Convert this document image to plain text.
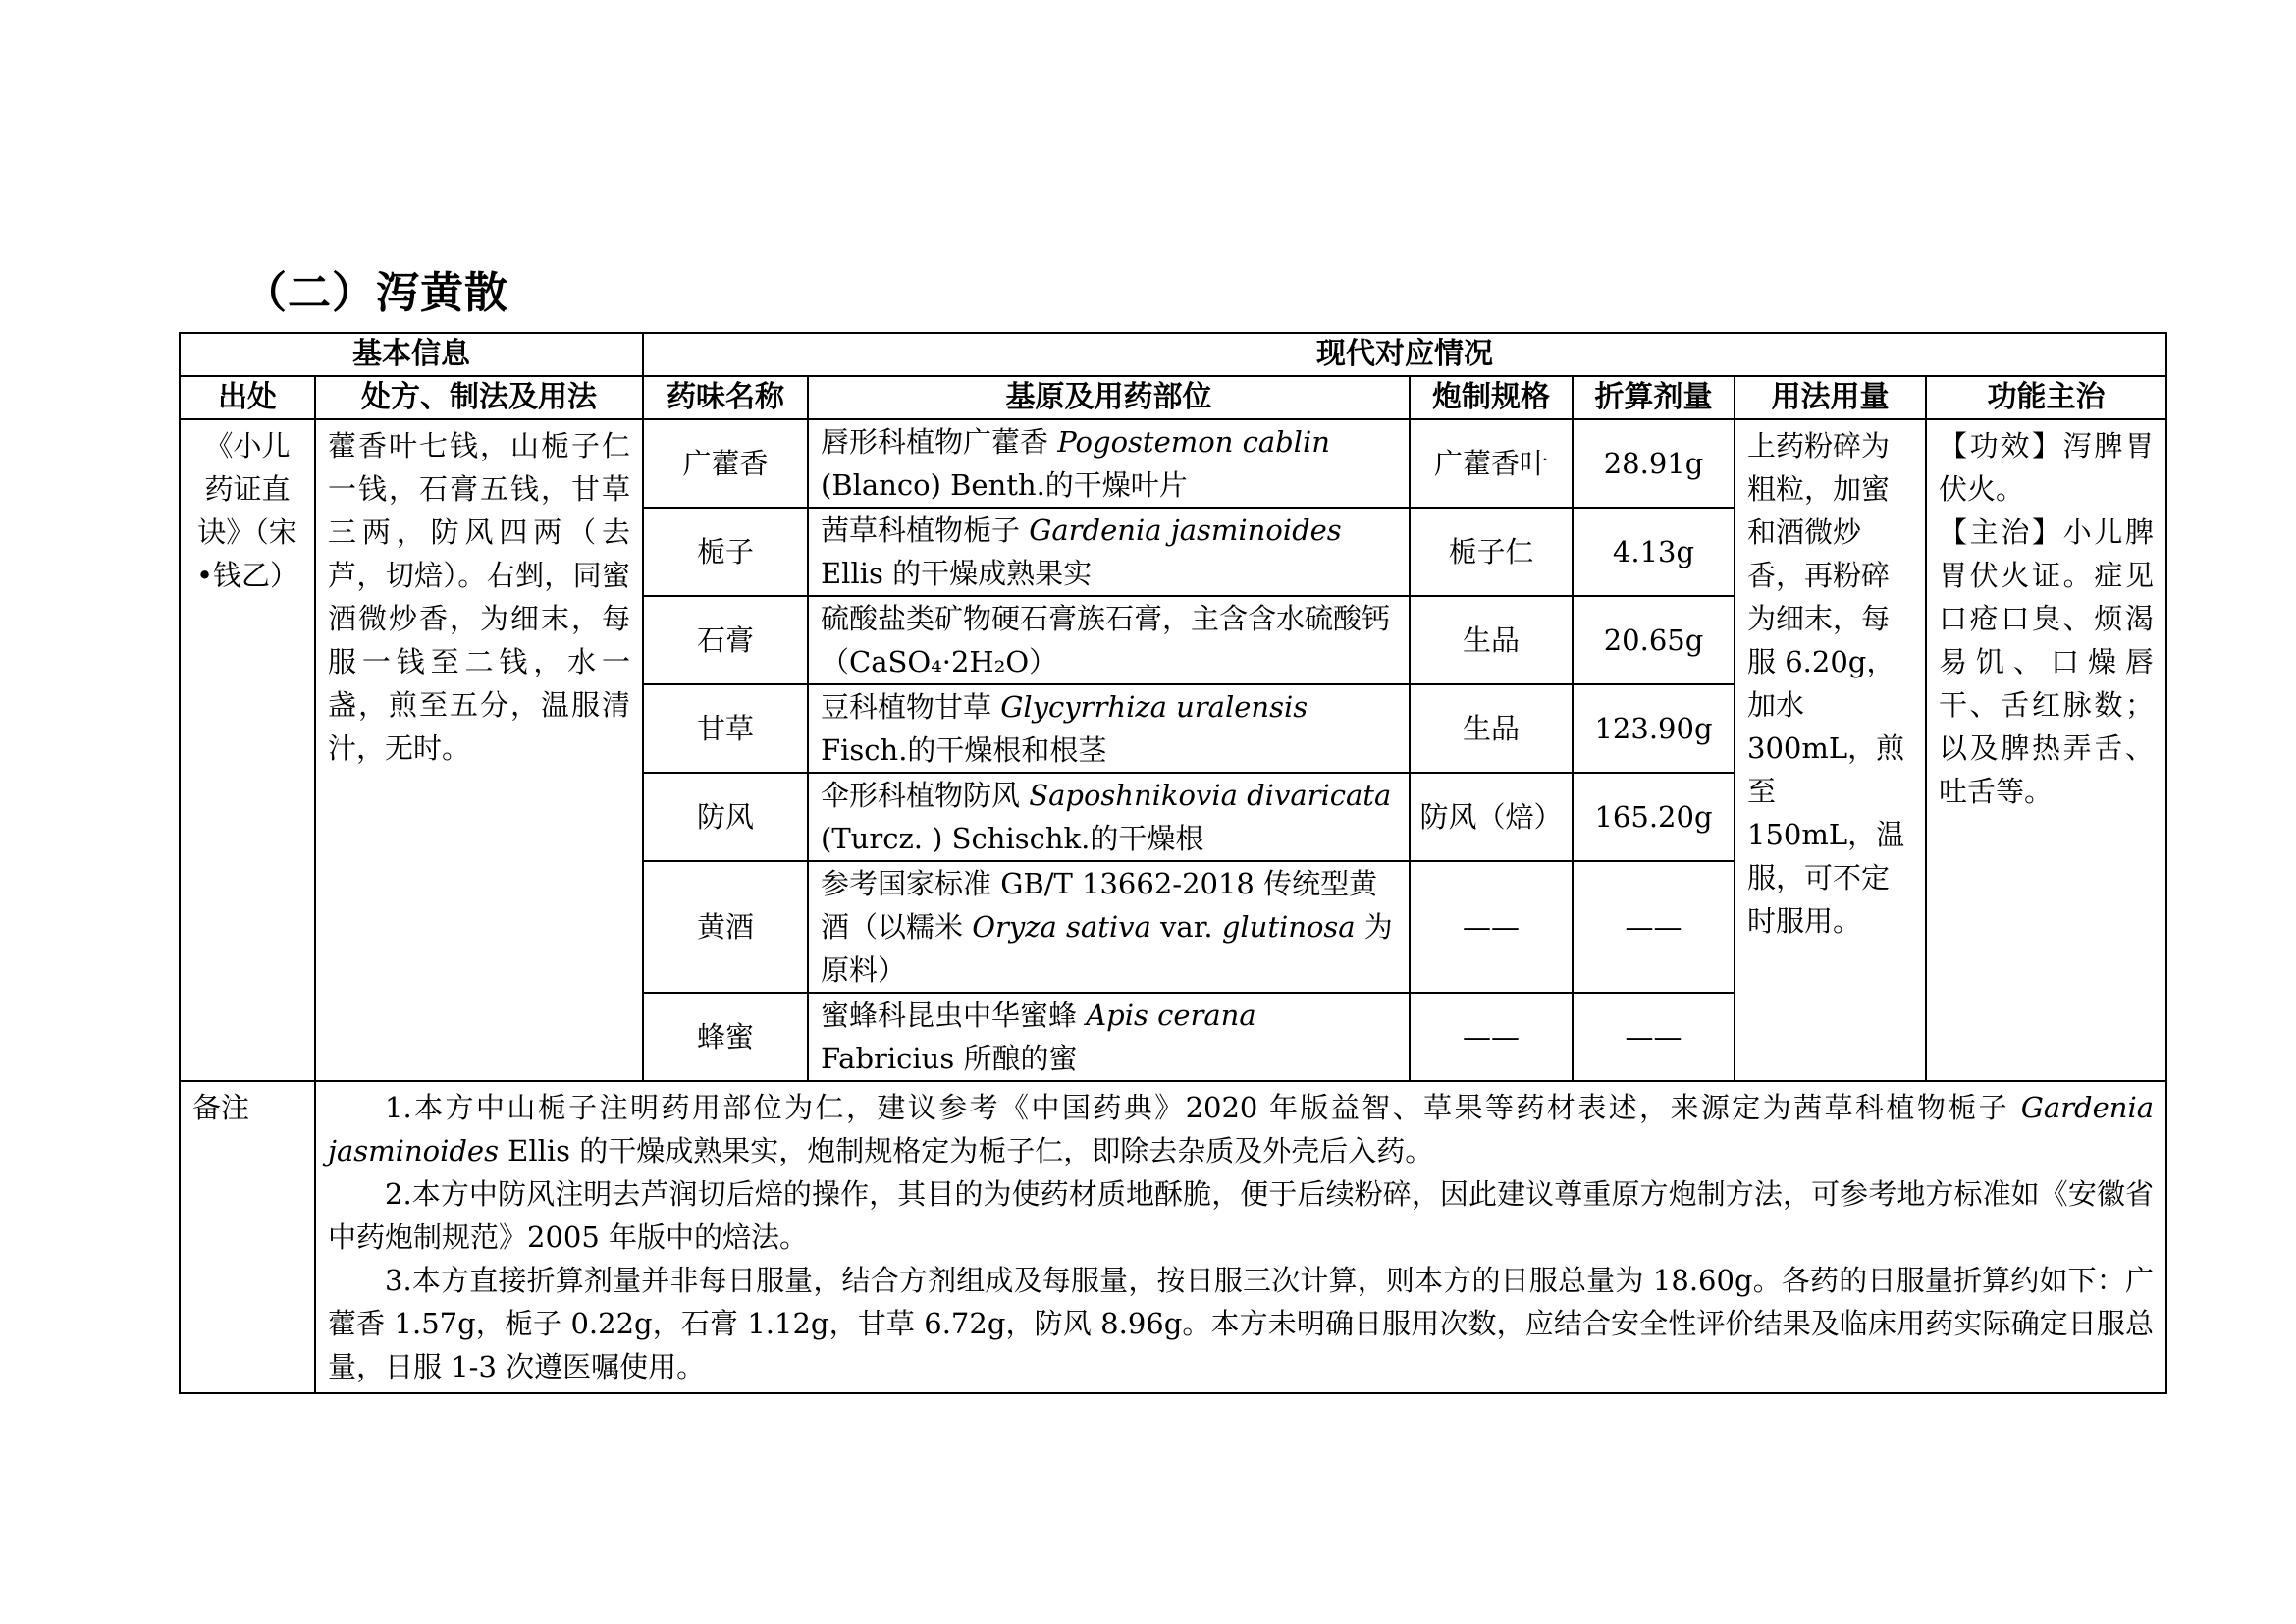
（二）泻黄散
基本信息		现代对应情况					
出处	处方、制法及用法	药味名称	基原及用药部位	炮制规格	折算剂量	用法用量	功能主治
《小儿药证直诀》（宋•钱乙）	藿香叶七钱，山栀子仁一钱，石膏五钱，甘草三两，防风四两（去芦，切焙）。右剉，同蜜酒微炒香，为细末，每服一钱至二钱，水一盏，煎至五分，温服清汁，无时。	广藿香	唇形科植物广藿香 Pogostemon cablin (Blanco) Benth.的干燥叶片	广藿香叶	28.91g	上药粉碎为粗粒，加蜜和酒微炒香，再粉碎为细末，每服 6.20g，加水 300mL，煎至 150mL，温服，可不定时服用。	【功效】泻脾胃伏火。
【主治】小儿脾胃伏火证。症见口疮口臭、烦渴易饥、口燥唇干、舌红脉数；以及脾热弄舌、吐舌等。
		栀子	茜草科植物栀子 Gardenia jasminoides Ellis 的干燥成熟果实	栀子仁	4.13g		
		石膏	硫酸盐类矿物硬石膏族石膏，主含含水硫酸钙（CaSO₄·2H₂O）	生品	20.65g		
		甘草	豆科植物甘草 Glycyrrhiza uralensis Fisch.的干燥根和根茎	生品	123.90g		
		防风	伞形科植物防风 Saposhnikovia divaricata (Turcz. ) Schischk.的干燥根	防风（焙）	165.20g		
		黄酒	参考国家标准 GB/T 13662-2018 传统型黄酒（以糯米 Oryza sativa var. glutinosa 为原料）	——	——		
		蜂蜜	蜜蜂科昆虫中华蜜蜂 Apis cerana Fabricius 所酿的蜜	——	——		
备注	1.本方中山栀子注明药用部位为仁，建议参考《中国药典》2020 年版益智、草果等药材表述，来源定为茜草科植物栀子 Gardenia jasminoides Ellis 的干燥成熟果实，炮制规格定为栀子仁，即除去杂质及外壳后入药。

2.本方中防风注明去芦润切后焙的操作，其目的为使药材质地酥脆，便于后续粉碎，因此建议尊重原方炮制方法，可参考地方标准如《安徽省中药炮制规范》2005 年版中的焙法。

3.本方直接折算剂量并非每日服量，结合方剂组成及每服量，按日服三次计算，则本方的日服总量为 18.60g。各药的日服量折算约如下：广藿香 1.57g，栀子 0.22g，石膏 1.12g，甘草 6.72g，防风 8.96g。本方未明确日服用次数，应结合安全性评价结果及临床用药实际确定日服总量，日服 1-3 次遵医嘱使用。						
